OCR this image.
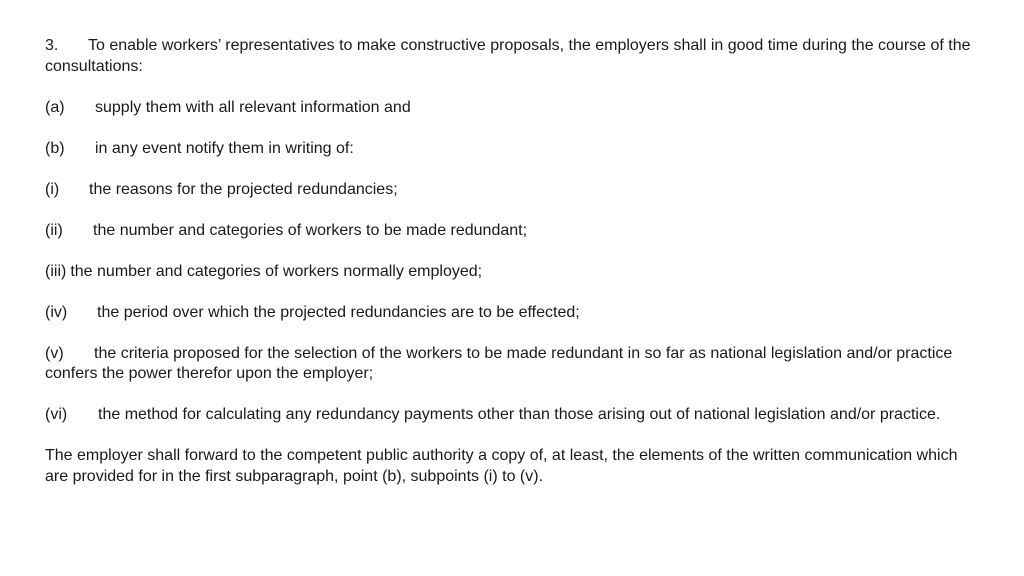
3. To enable workers’ representatives to make constructive proposals, the employers shall in good time during the course of the consultations:

(a) supply them with all relevant information and

(b) in any event notify them in writing of:

(i) the reasons for the projected redundancies;

(ii) the number and categories of workers to be made redundant;

(iii) the number and categories of workers normally employed;

(iv) the period over which the projected redundancies are to be effected;

(v) the criteria proposed for the selection of the workers to be made redundant in so far as national legislation and/or practice confers the power therefor upon the employer;

(vi) the method for calculating any redundancy payments other than those arising out of national legislation and/or practice.

The employer shall forward to the competent public authority a copy of, at least, the elements of the written communication which are provided for in the first subparagraph, point (b), subpoints (i) to (v).
